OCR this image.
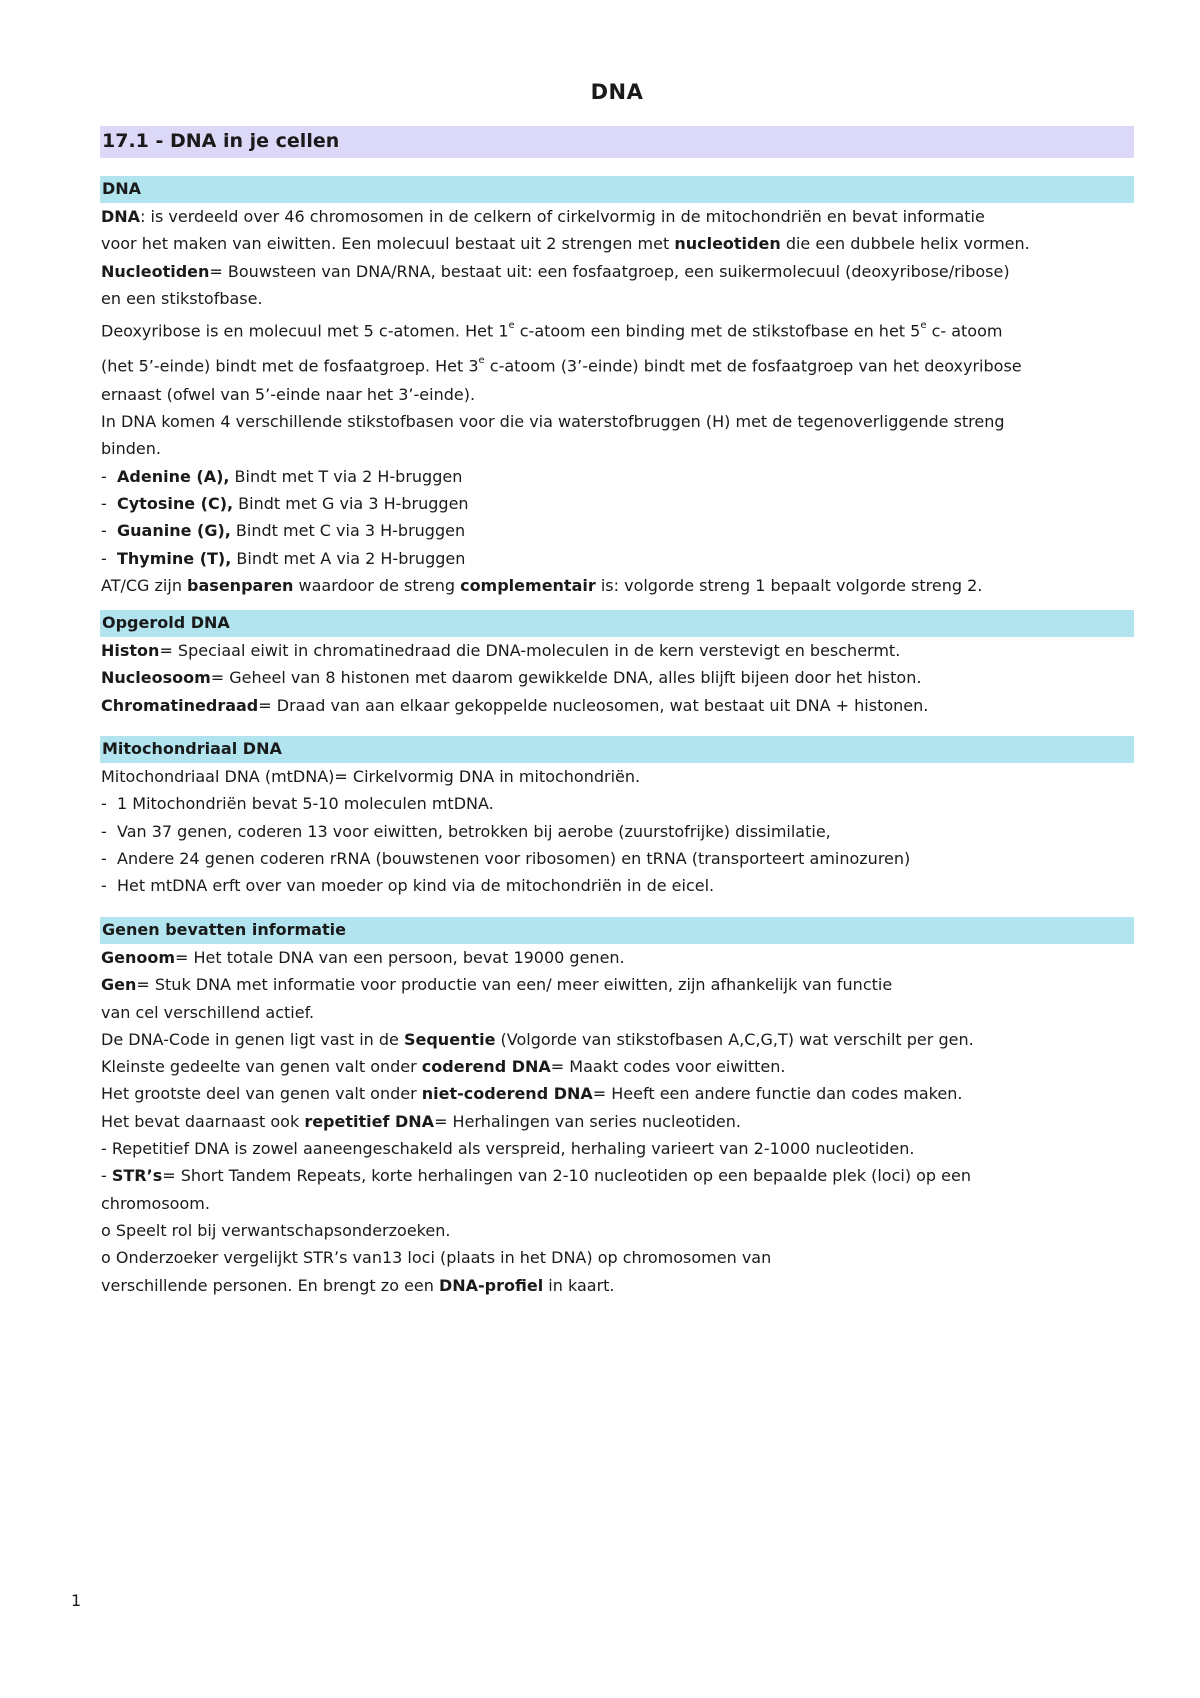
DNA
17.1 - DNA in je cellen
DNA
DNA: is verdeeld over 46 chromosomen in de celkern of cirkelvormig in de mitochondriën en bevat informatie
voor het maken van eiwitten. Een molecuul bestaat uit 2 strengen met nucleotiden die een dubbele helix vormen.
Nucleotiden= Bouwsteen van DNA/RNA, bestaat uit: een fosfaatgroep, een suikermolecuul (deoxyribose/ribose)
en een stikstofbase.
Deoxyribose is en molecuul met 5 c-atomen. Het 1e c-atoom een binding met de stikstofbase en het 5e c- atoom
(het 5’-einde) bindt met de fosfaatgroep. Het 3e c-atoom (3’-einde) bindt met de fosfaatgroep van het deoxyribose
ernaast (ofwel van 5’-einde naar het 3’-einde).
In DNA komen 4 verschillende stikstofbasen voor die via waterstofbruggen (H) met de tegenoverliggende streng
binden.
- Adenine (A), Bindt met T via 2 H-bruggen
- Cytosine (C), Bindt met G via 3 H-bruggen
- Guanine (G), Bindt met C via 3 H-bruggen
- Thymine (T), Bindt met A via 2 H-bruggen
AT/CG zijn basenparen waardoor de streng complementair is: volgorde streng 1 bepaalt volgorde streng 2.
Opgerold DNA
Histon= Speciaal eiwit in chromatinedraad die DNA-moleculen in de kern verstevigt en beschermt.
Nucleosoom= Geheel van 8 histonen met daarom gewikkelde DNA, alles blijft bijeen door het histon.
Chromatinedraad= Draad van aan elkaar gekoppelde nucleosomen, wat bestaat uit DNA + histonen.
Mitochondriaal DNA
Mitochondriaal DNA (mtDNA)= Cirkelvormig DNA in mitochondriën.
- 1 Mitochondriën bevat 5-10 moleculen mtDNA.
- Van 37 genen, coderen 13 voor eiwitten, betrokken bij aerobe (zuurstofrijke) dissimilatie,
- Andere 24 genen coderen rRNA (bouwstenen voor ribosomen) en tRNA (transporteert aminozuren)
- Het mtDNA erft over van moeder op kind via de mitochondriën in de eicel.
Genen bevatten informatie
Genoom= Het totale DNA van een persoon, bevat 19000 genen.
Gen= Stuk DNA met informatie voor productie van een/ meer eiwitten, zijn afhankelijk van functie
van cel verschillend actief.
De DNA-Code in genen ligt vast in de Sequentie (Volgorde van stikstofbasen A,C,G,T) wat verschilt per gen.
Kleinste gedeelte van genen valt onder coderend DNA= Maakt codes voor eiwitten.
Het grootste deel van genen valt onder niet-coderend DNA= Heeft een andere functie dan codes maken.
Het bevat daarnaast ook repetitief DNA= Herhalingen van series nucleotiden.
- Repetitief DNA is zowel aaneengeschakeld als verspreid, herhaling varieert van 2-1000 nucleotiden.
- STR’s= Short Tandem Repeats, korte herhalingen van 2-10 nucleotiden op een bepaalde plek (loci) op een
chromosoom.
o Speelt rol bij verwantschapsonderzoeken.
o Onderzoeker vergelijkt STR’s van13 loci (plaats in het DNA) op chromosomen van
verschillende personen. En brengt zo een DNA-profiel in kaart.
1
